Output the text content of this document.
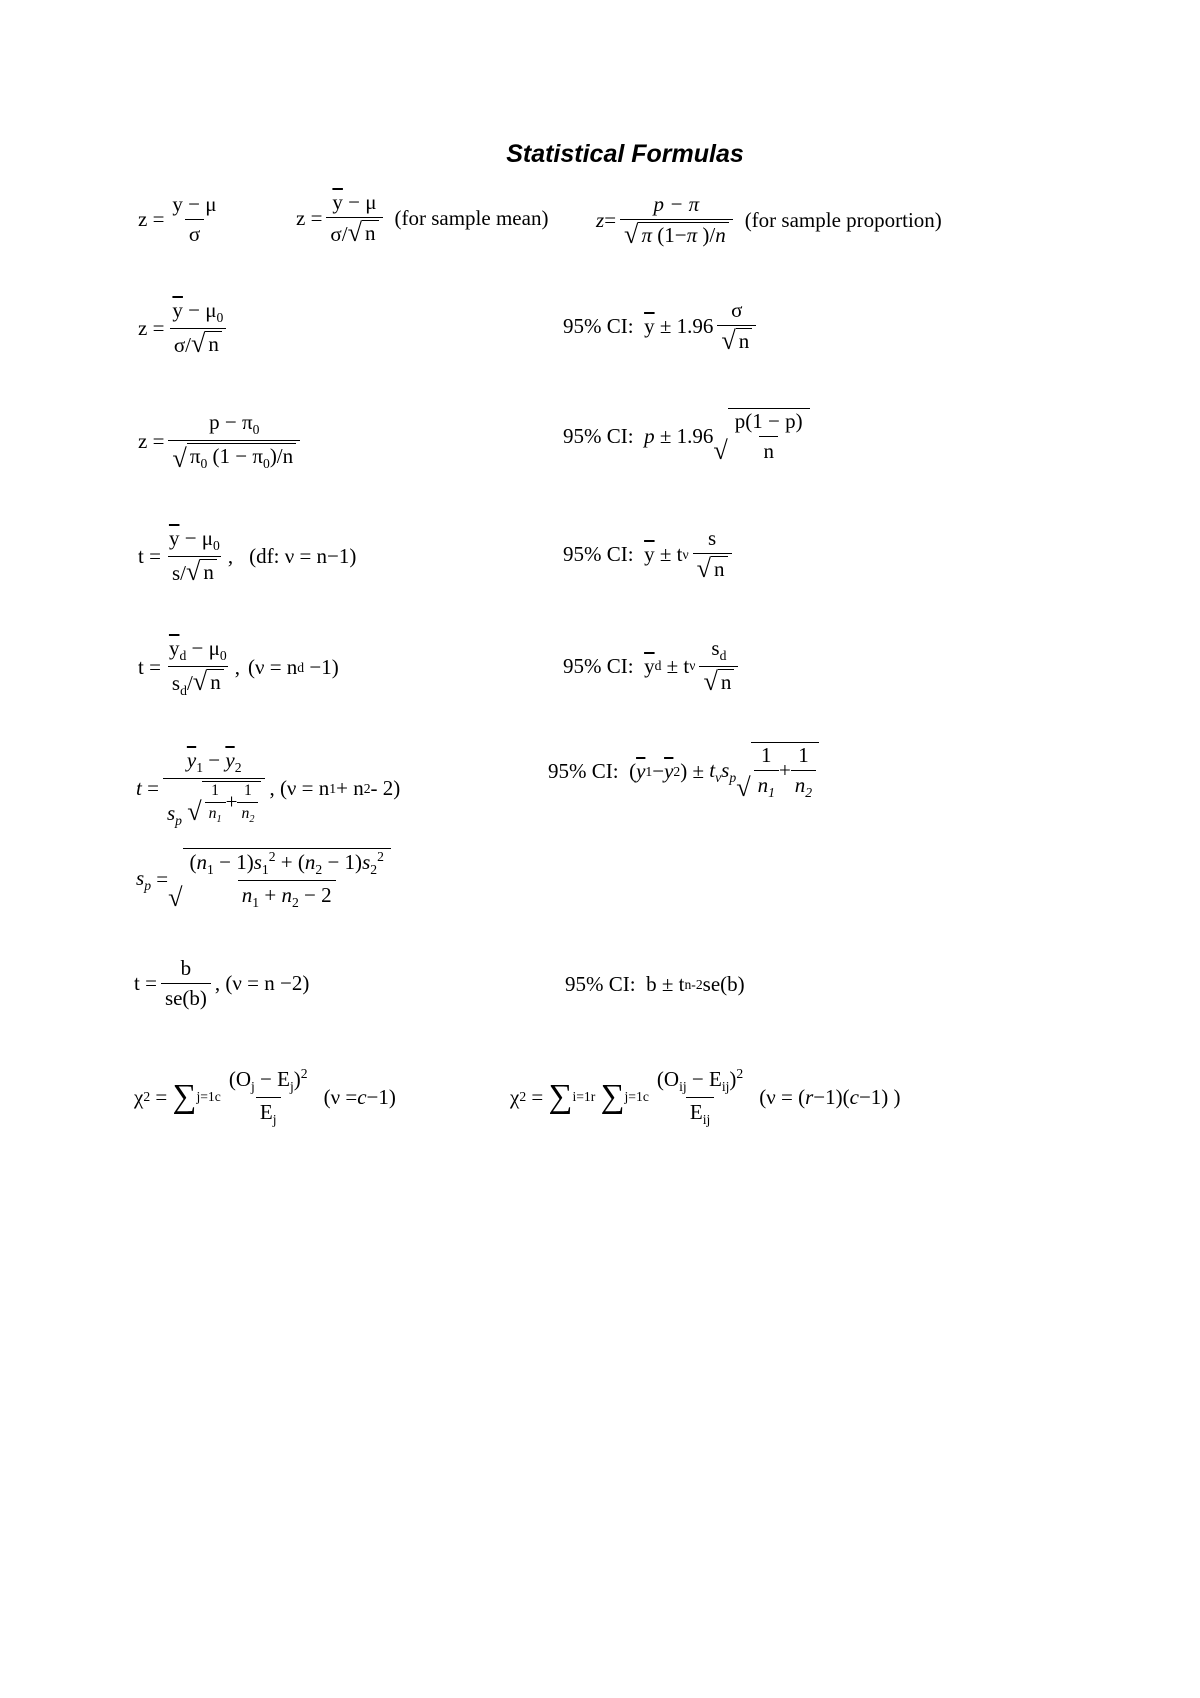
Statistical Formulas
$z = \frac{y - \mu}{\sigma}$	$z = \frac{\overline{y} - \mu}{\sigma/ √ n} (for$ sample mean) $z = \frac{p - \pi}{√ \pi (1-\pi )/n} (for$ sample proportion)
$z = \frac{\overline{y} - \mu_0}{\sigma/ √ n}$	95% CI:
$\overline{y} \pm 1.96 \frac{\sigma}{√ n}$
$z = \frac{p - \pi_0}{√ \pi_0 (1 - \pi_0)/n}$	95% CI:
p ± 1.96
√ $\frac{p(1 - p)}{n}$
$t = \frac{\overline{y} - \mu_0}{s/ √ n}$ , (df: ν = n−1)	95% CI:
$\overline{y} \pm t$ ν $\frac{s}{√ n}$
$t = \frac{\overline{y}_d - \mu_0}{s_d/ √ n}$ , (ν = n d −1)	95% CI:
$\overline{y}$ d ± t ν $\frac{s_d}{√ n}$
$t = \frac{\overline{y}_1 - \overline{y}_2}{s_p √ \frac{1}{n_1} + \frac{1}{n_2}}$ , (ν = n 1 + n 2 - 2)
95% CI: ( $\overline{y}$ $1 - \overline{y}$ 2 ) ± $t_\nu s_p$ √ $\frac{1}{n_1} + \frac{1}{n_2}$
$s_p$ =
√ $\frac{(n_1 - 1)s_1^2 + (n_2 - 1)s_2^2}{n_1 + n_2 - 2}$
$t = \frac{b}{se(b)}$ , (ν = n −2)	95% CI:
b ± t n-2 se(b)
χ 2 = ∑ j=1 c $\frac{(O_j - E_j)^2}{E_j} (\nu = c -1)$	χ 2 = ∑ i=1 r
∑ j=1 c $\frac{(O_{ij} - E_{ij})^2}{E_{ij}} (\nu$ = ( r −1)( c −1) )
